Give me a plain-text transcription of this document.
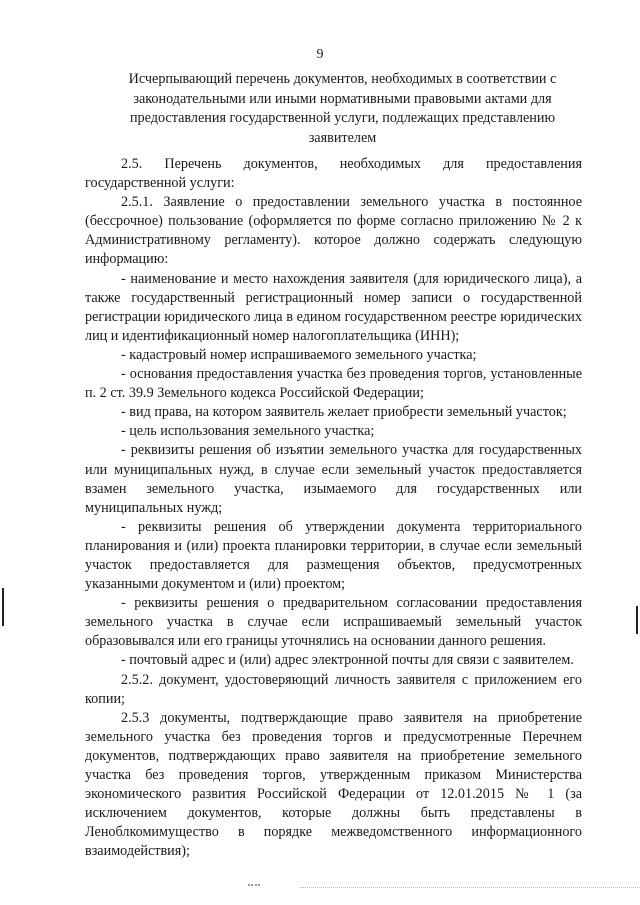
9
Исчерпывающий перечень документов, необходимых в соответствии с законодательными или иными нормативными правовыми актами для предоставления государственной услуги, подлежащих представлению заявителем

2.5. Перечень документов, необходимых для предоставления государственной услуги:

2.5.1. Заявление о предоставлении земельного участка в постоянное (бессрочное) пользование (оформляется по форме согласно приложению № 2 к Административному регламенту). которое должно содержать следующую информацию:

- наименование и место нахождения заявителя (для юридического лица), а также государственный регистрационный номер записи о государственной регистрации юридического лица в едином государственном реестре юридических лиц и идентификационный номер налогоплательщика (ИНН);

- кадастровый номер испрашиваемого земельного участка;

- основания предоставления участка без проведения торгов, установленные п. 2 ст. 39.9 Земельного кодекса Российской Федерации;

- вид права, на котором заявитель желает приобрести земельный участок;

- цель использования земельного участка;

- реквизиты решения об изъятии земельного участка для государственных или муниципальных нужд, в случае если земельный участок предоставляется взамен земельного участка, изымаемого для государственных или муниципальных нужд;

- реквизиты решения об утверждении документа территориального планирования и (или) проекта планировки территории, в случае если земельный участок предоставляется для размещения объектов, предусмотренных указанными документом и (или) проектом;

- реквизиты решения о предварительном согласовании предоставления земельного участка в случае если испрашиваемый земельный участок образовывался или его границы уточнялись на основании данного решения.

- почтовый адрес и (или) адрес электронной почты для связи с заявителем.

2.5.2. документ, удостоверяющий личность заявителя с приложением его копии;

2.5.3 документы, подтверждающие право заявителя на приобретение земельного участка без проведения торгов и предусмотренные Перечнем документов, подтверждающих право заявителя на приобретение земельного участка без проведения торгов, утвержденным приказом Министерства экономического развития Российской Федерации от 12.01.2015 № 1 (за исключением документов, которые должны быть представлены в Леноблкомимущество в порядке межведомственного информационного взаимодействия);
